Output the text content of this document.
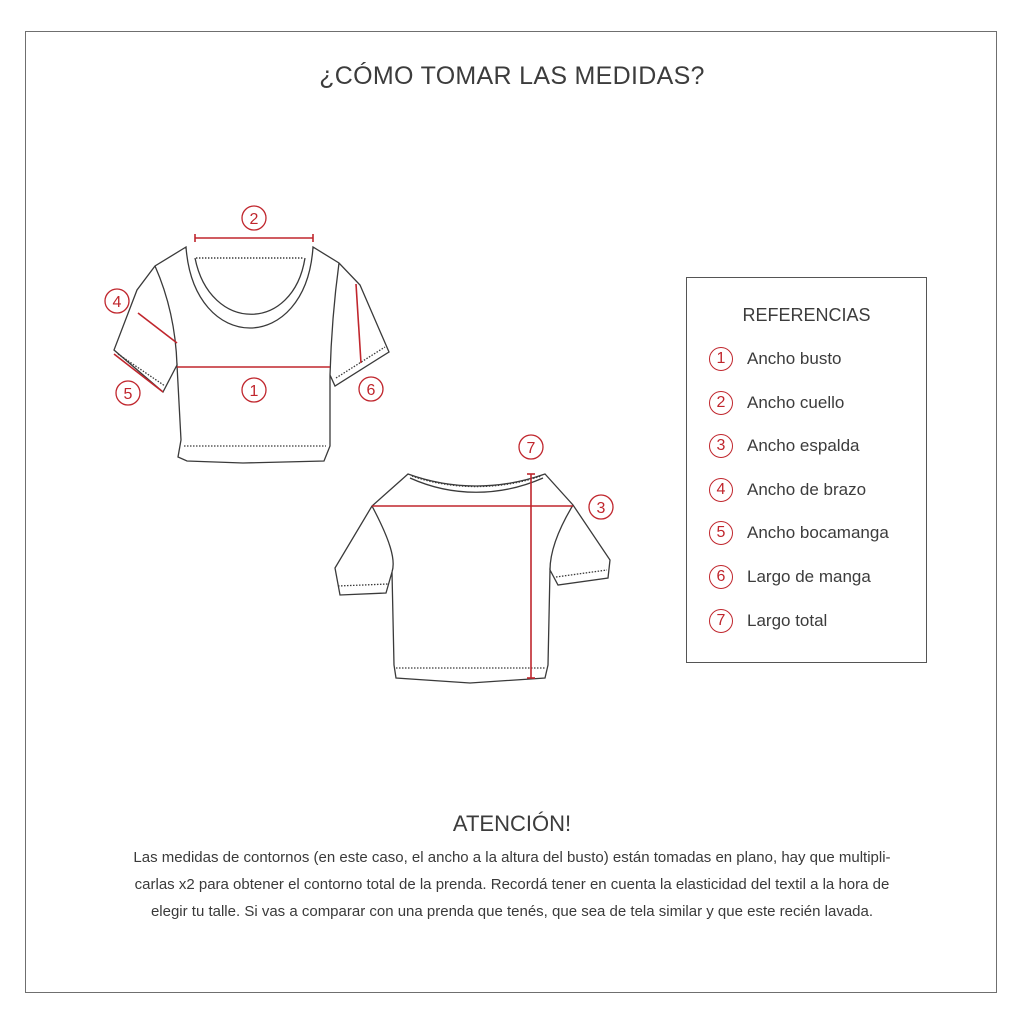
¿CÓMO TOMAR LAS MEDIDAS?
2
4
1
5	6
7
3
REFERENCIAS
1	Ancho busto
2	Ancho cuello
3	Ancho espalda
4	Ancho de brazo
5	Ancho bocamanga
6	Largo de manga
7	Largo total
ATENCIÓN!
Las medidas de contornos (en este caso, el ancho a la altura del busto) están tomadas en plano, hay que multipli-
carlas x2 para obtener el contorno total de la prenda. Recordá tener en cuenta la elasticidad del textil a la hora de
elegir tu talle. Si vas a comparar con una prenda que tenés, que sea de tela similar y que este recién lavada.
